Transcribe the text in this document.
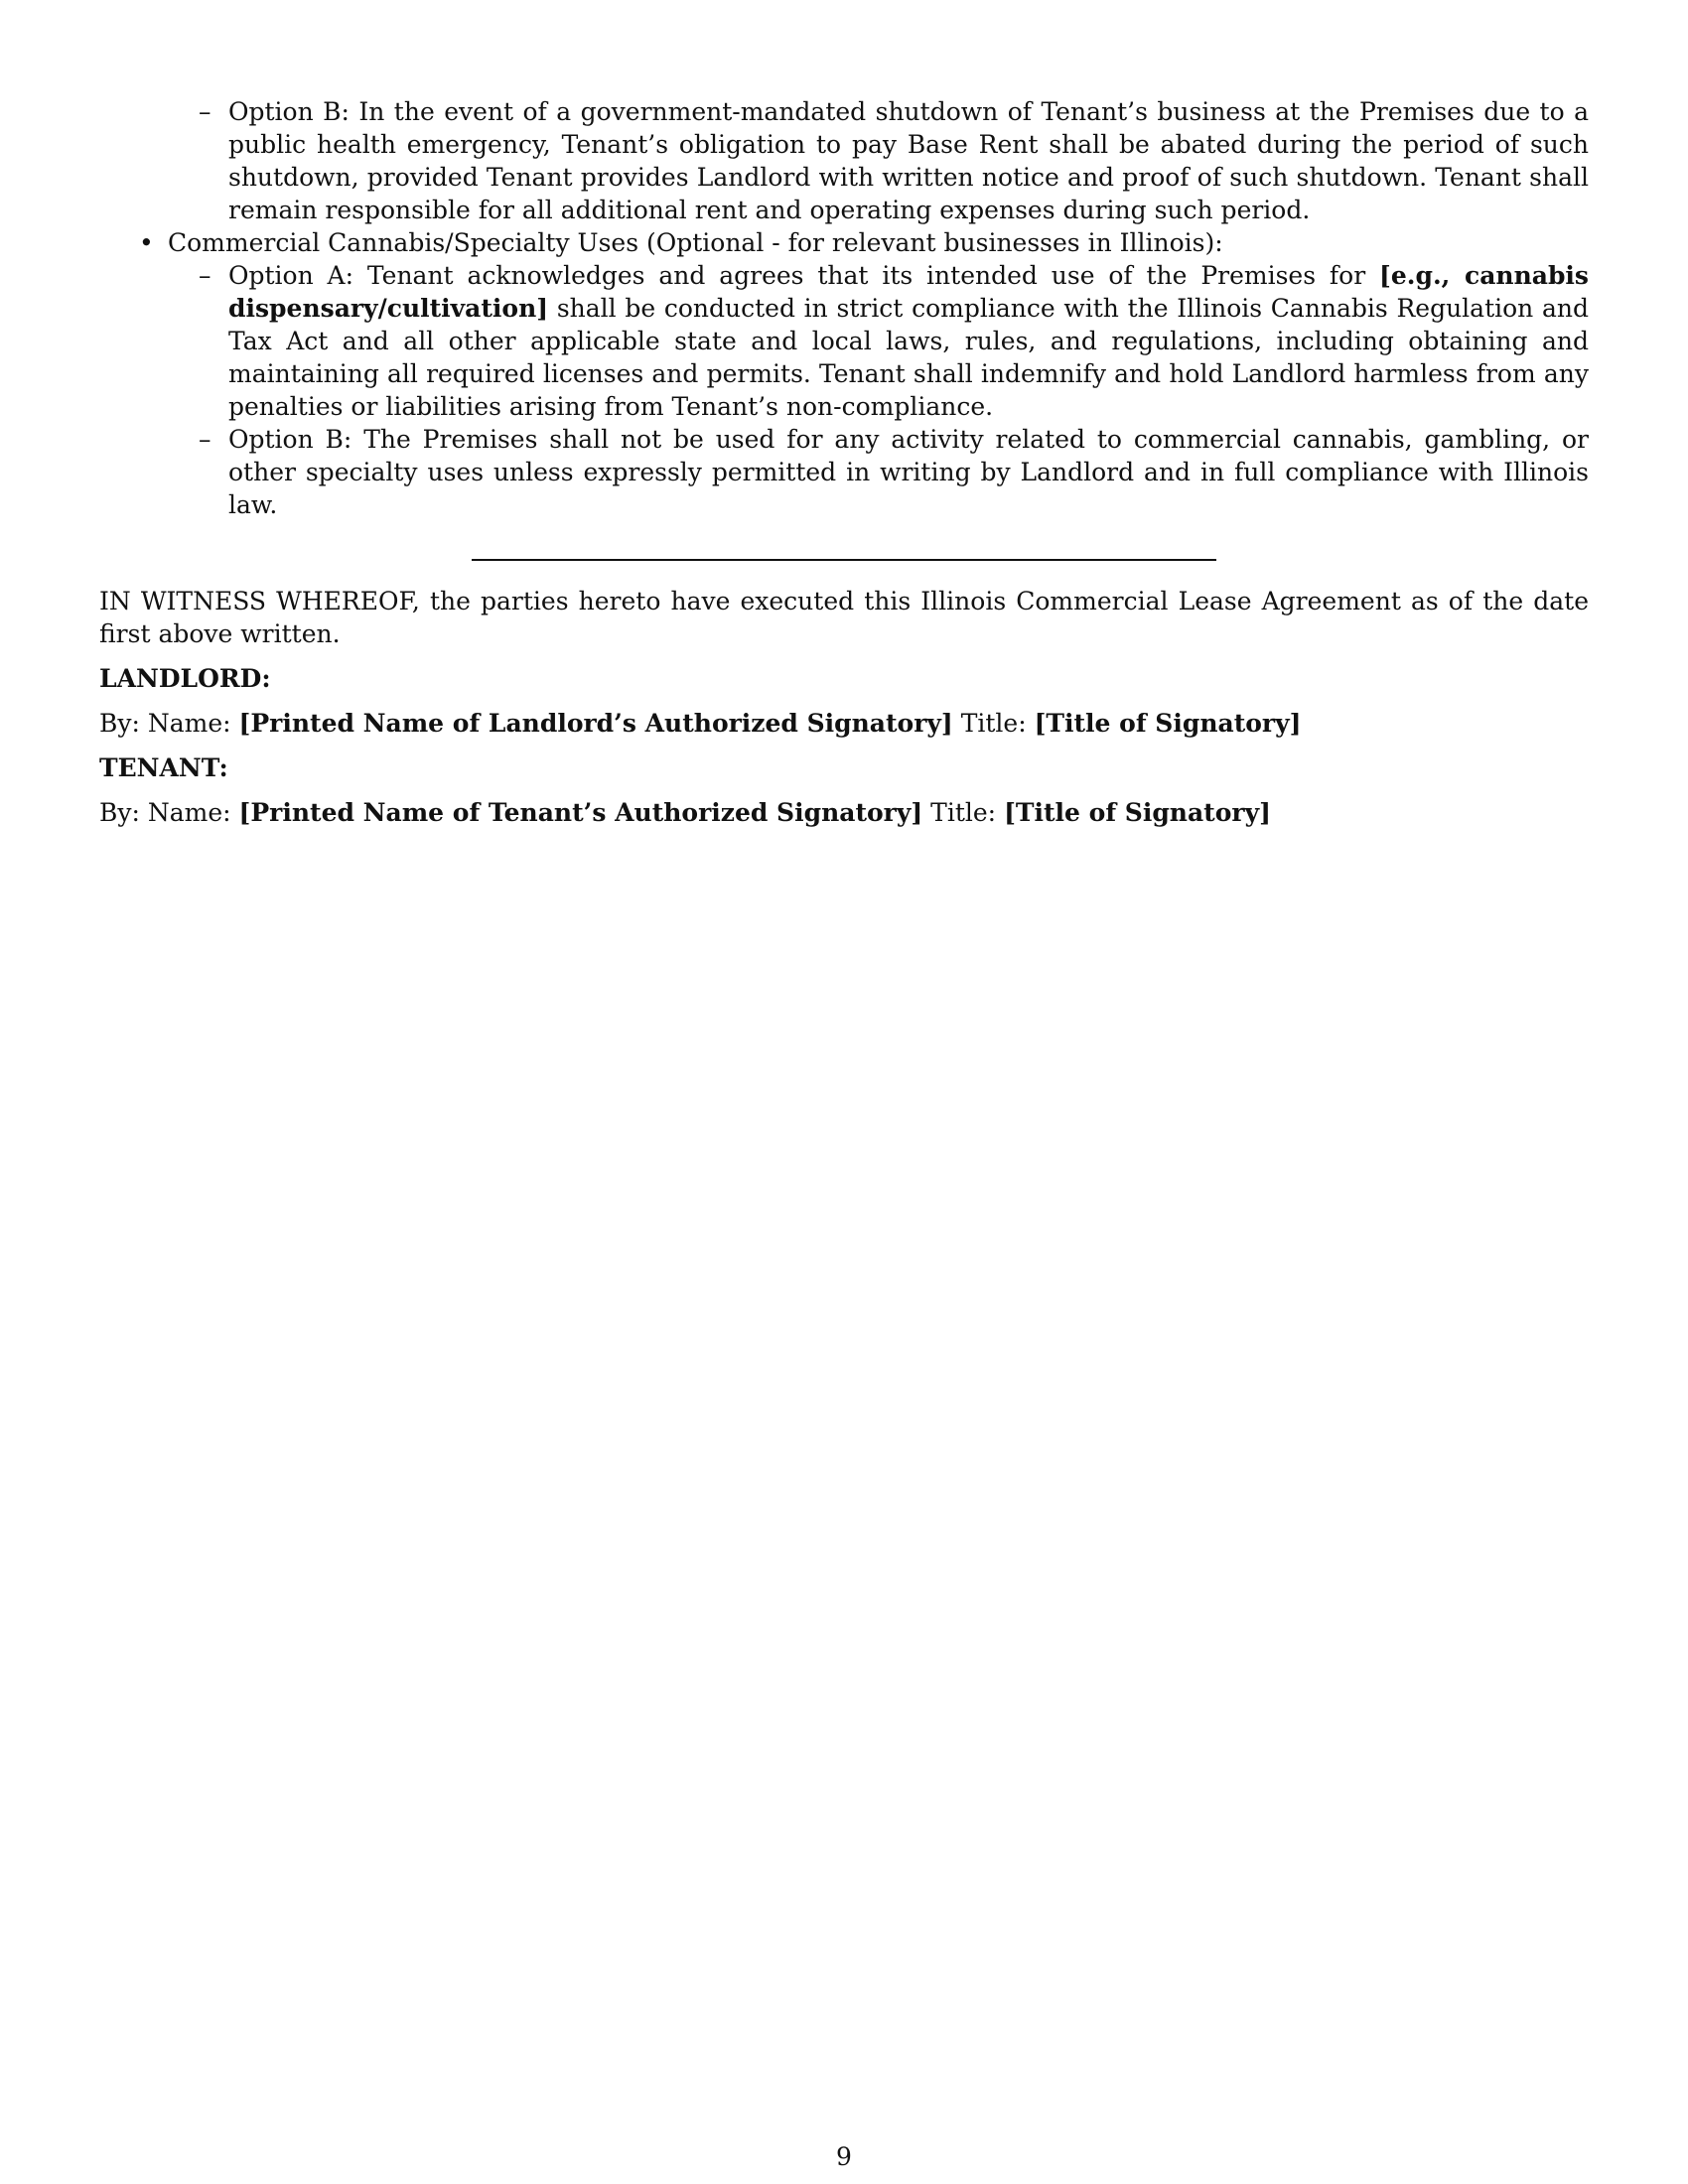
– Option B: In the event of a government-mandated shutdown of Tenant’s business at the Premises due to a public health emergency, Tenant’s obligation to pay Base Rent shall be abated during the period of such shutdown, provided Tenant provides Landlord with written notice and proof of such shutdown. Tenant shall remain responsible for all additional rent and operating expenses during such period.
• Commercial Cannabis/Specialty Uses (Optional - for relevant businesses in Illinois):
– Option A: Tenant acknowledges and agrees that its intended use of the Premises for [e.g., cannabis dispensary/cultivation] shall be conducted in strict compliance with the Illinois Cannabis Regulation and Tax Act and all other applicable state and local laws, rules, and regulations, including obtaining and maintaining all required licenses and permits. Tenant shall indemnify and hold Landlord harmless from any penalties or liabilities arising from Tenant’s non-compliance.
– Option B: The Premises shall not be used for any activity related to commercial cannabis, gambling, or other specialty uses unless expressly permitted in writing by Landlord and in full compliance with Illinois law.

IN WITNESS WHEREOF, the parties hereto have executed this Illinois Commercial Lease Agreement as of the date first above written.

LANDLORD:

By: Name: [Printed Name of Landlord’s Authorized Signatory] Title: [Title of Signatory]

TENANT:

By: Name: [Printed Name of Tenant’s Authorized Signatory] Title: [Title of Signatory]

9
